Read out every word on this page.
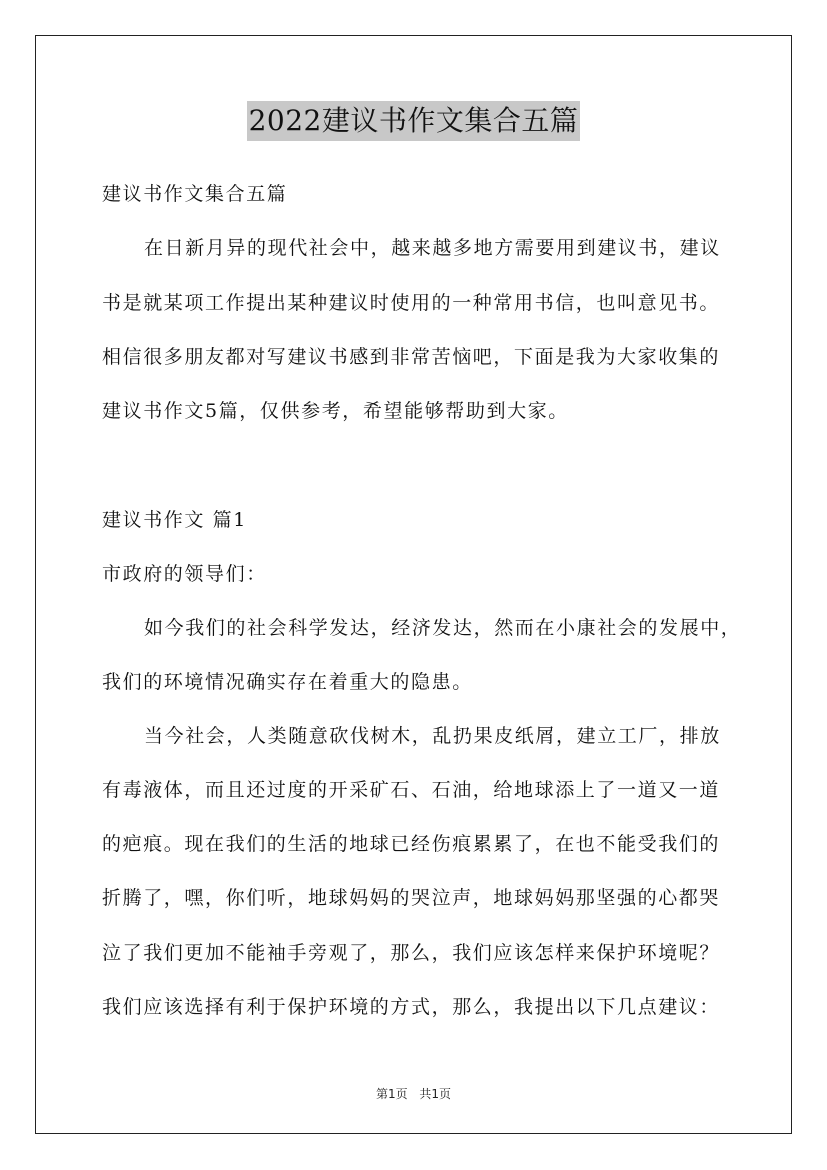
2022建议书作文集合五篇
建议书作文集合五篇
在日新月异的现代社会中，越来越多地方需要用到建议书，建议
书是就某项工作提出某种建议时使用的一种常用书信，也叫意见书。
相信很多朋友都对写建议书感到非常苦恼吧，下面是我为大家收集的
建议书作文5篇，仅供参考，希望能够帮助到大家。
建议书作文 篇1
市政府的领导们：
如今我们的社会科学发达，经济发达，然而在小康社会的发展中，
我们的环境情况确实存在着重大的隐患。
当今社会，人类随意砍伐树木，乱扔果皮纸屑，建立工厂，排放
有毒液体，而且还过度的开采矿石、石油，给地球添上了一道又一道
的疤痕。现在我们的生活的地球已经伤痕累累了，在也不能受我们的
折腾了，嘿，你们听，地球妈妈的哭泣声，地球妈妈那坚强的心都哭
泣了我们更加不能袖手旁观了，那么，我们应该怎样来保护环境呢？
我们应该选择有利于保护环境的方式，那么，我提出以下几点建议：
第1页 共1页
